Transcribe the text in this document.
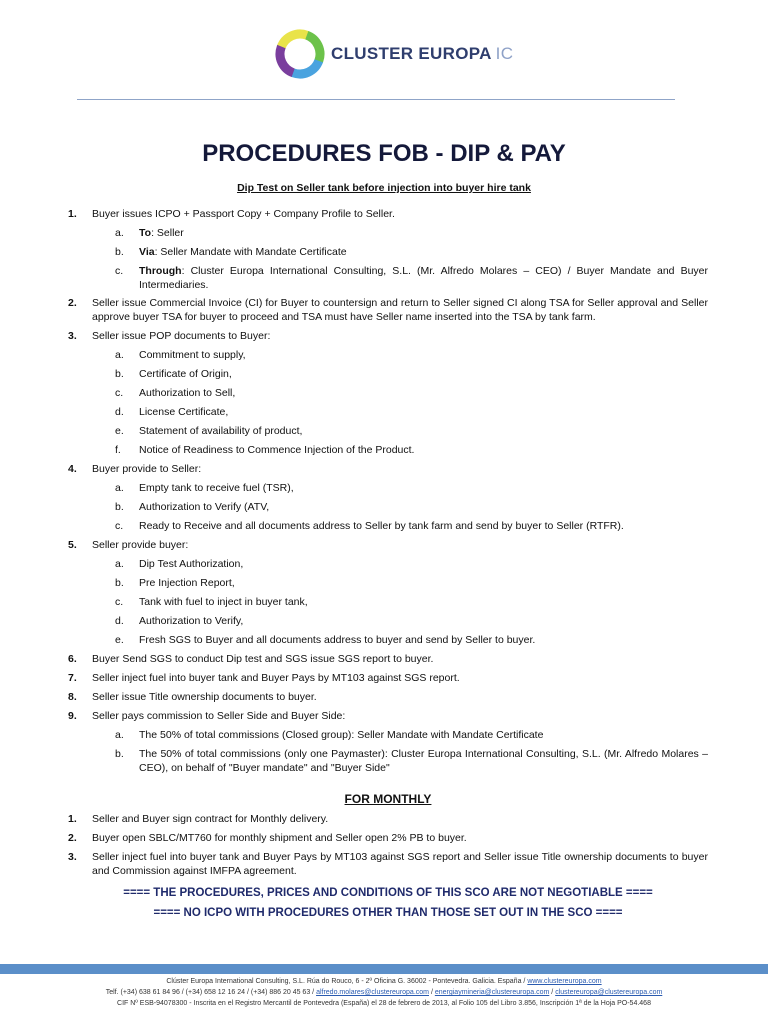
CLUSTER EUROPA IC
PROCEDURES FOB - DIP & PAY
Dip Test on Seller tank before injection into buyer hire tank
1. Buyer issues ICPO + Passport Copy + Company Profile to Seller.
a. To: Seller
b. Via: Seller Mandate with Mandate Certificate
c. Through: Cluster Europa International Consulting, S.L. (Mr. Alfredo Molares – CEO) / Buyer Mandate and Buyer Intermediaries.
2. Seller issue Commercial Invoice (CI) for Buyer to countersign and return to Seller signed CI along TSA for Seller approval and Seller approve buyer TSA for buyer to proceed and TSA must have Seller name inserted into the TSA by tank farm.
3. Seller issue POP documents to Buyer:
a. Commitment to supply,
b. Certificate of Origin,
c. Authorization to Sell,
d. License Certificate,
e. Statement of availability of product,
f. Notice of Readiness to Commence Injection of the Product.
4. Buyer provide to Seller:
a. Empty tank to receive fuel (TSR),
b. Authorization to Verify (ATV,
c. Ready to Receive and all documents address to Seller by tank farm and send by buyer to Seller (RTFR).
5. Seller provide buyer:
a. Dip Test Authorization,
b. Pre Injection Report,
c. Tank with fuel to inject in buyer tank,
d. Authorization to Verify,
e. Fresh SGS to Buyer and all documents address to buyer and send by Seller to buyer.
6. Buyer Send SGS to conduct Dip test and SGS issue SGS report to buyer.
7. Seller inject fuel into buyer tank and Buyer Pays by MT103 against SGS report.
8. Seller issue Title ownership documents to buyer.
9. Seller pays commission to Seller Side and Buyer Side:
a. The 50% of total commissions (Closed group): Seller Mandate with Mandate Certificate
b. The 50% of total commissions (only one Paymaster): Cluster Europa International Consulting, S.L. (Mr. Alfredo Molares – CEO), on behalf of "Buyer mandate" and "Buyer Side"
FOR MONTHLY
1. Seller and Buyer sign contract for Monthly delivery.
2. Buyer open SBLC/MT760 for monthly shipment and Seller open 2% PB to buyer.
3. Seller inject fuel into buyer tank and Buyer Pays by MT103 against SGS report and Seller issue Title ownership documents to buyer and Commission against IMFPA agreement.
==== THE PROCEDURES, PRICES AND CONDITIONS OF THIS SCO ARE NOT NEGOTIABLE ====
==== NO ICPO WITH PROCEDURES OTHER THAN THOSE SET OUT IN THE SCO ====
Clúster Europa International Consulting, S.L. Rúa do Rouco, 6 - 2º Oficina G. 36002 - Pontevedra. Galicia. España / www.clustereuropa.com
Telf. (+34) 638 61 84 96 / (+34) 658 12 16 24 / (+34) 886 20 45 63 / alfredo.molares@clustereuropa.com / energiaymineria@clustereuropa.com / clustereuropa@clustereuropa.com
CIF Nº ESB-94078300 - Inscrita en el Registro Mercantil de Pontevedra (España) el 28 de febrero de 2013, al Folio 105 del Libro 3.856, Inscripción 1ª de la Hoja PO-54.468
